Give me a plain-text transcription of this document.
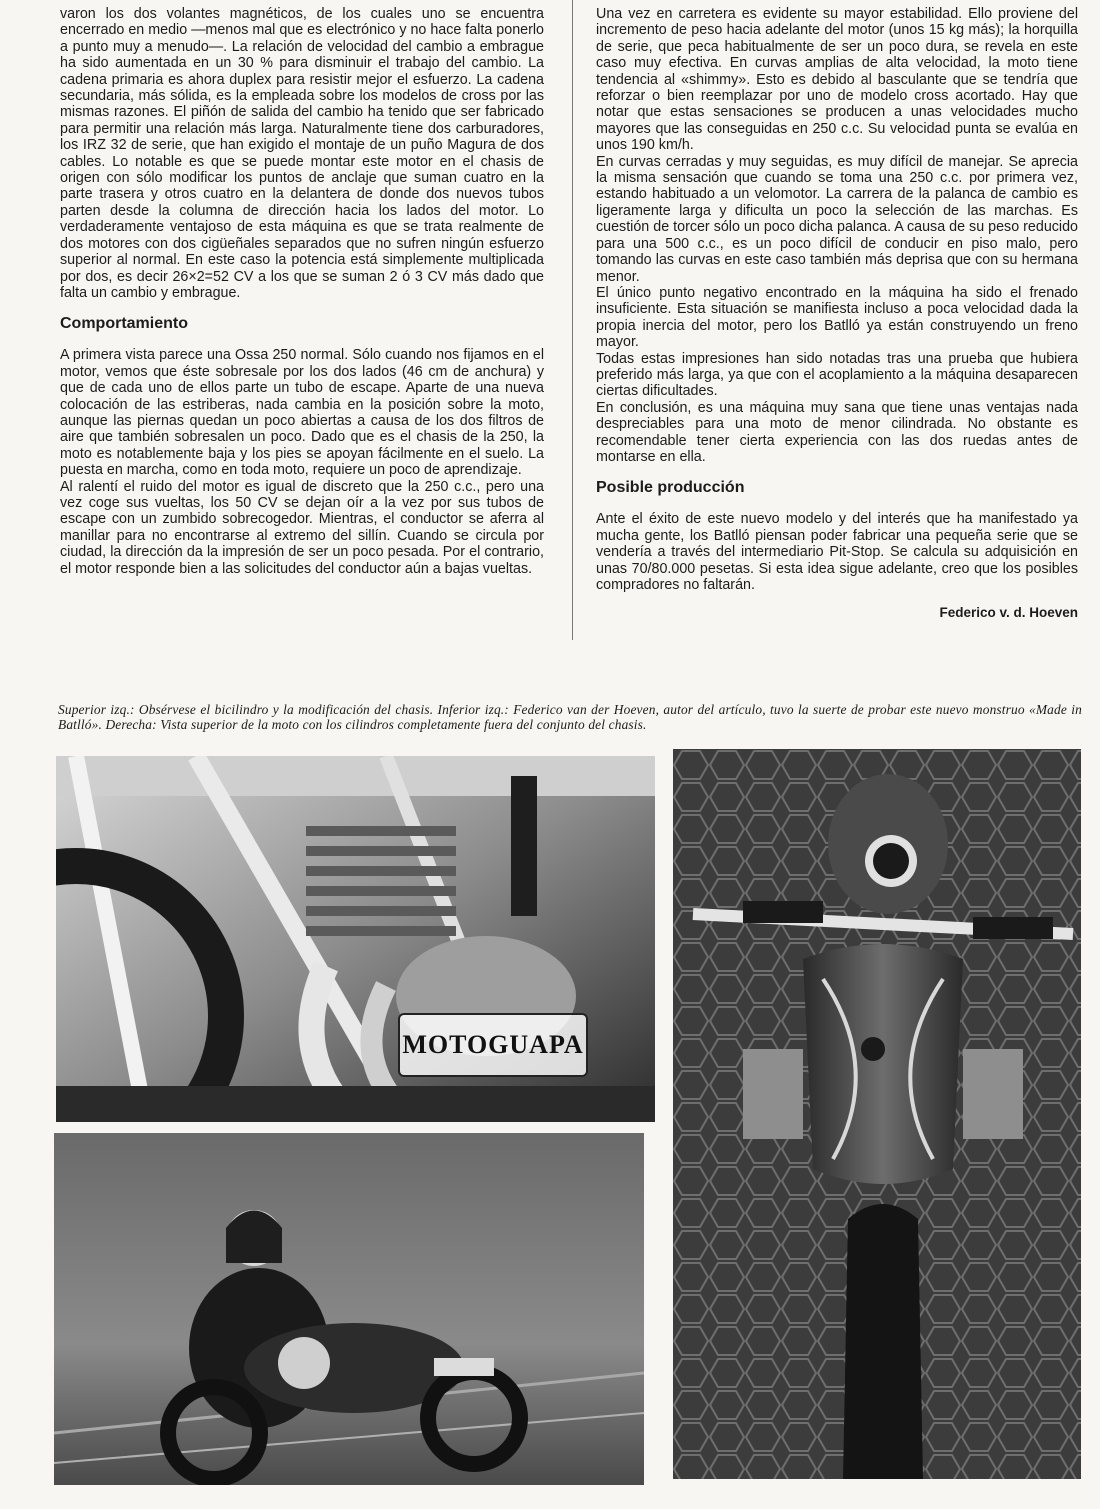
varon los dos volantes magnéticos, de los cuales uno se encuentra encerrado en medio —menos mal que es electrónico y no hace falta ponerlo a punto muy a menudo—. La relación de velocidad del cambio a embrague ha sido aumentada en un 30 % para disminuir el trabajo del cambio. La cadena primaria es ahora duplex para resistir mejor el esfuerzo. La cadena secundaria, más sólida, es la empleada sobre los modelos de cross por las mismas razones. El piñón de salida del cambio ha tenido que ser fabricado para permitir una relación más larga. Naturalmente tiene dos carburadores, los IRZ 32 de serie, que han exigido el montaje de un puño Magura de dos cables. Lo notable es que se puede montar este motor en el chasis de origen con sólo modificar los puntos de anclaje que suman cuatro en la parte trasera y otros cuatro en la delantera de donde dos nuevos tubos parten desde la columna de dirección hacia los lados del motor. Lo verdaderamente ventajoso de esta máquina es que se trata realmente de dos motores con dos cigüeñales separados que no sufren ningún esfuerzo superior al normal. En este caso la potencia está simplemente multiplicada por dos, es decir 26×2=52 CV a los que se suman 2 ó 3 CV más dado que falta un cambio y embrague.

Comportamiento

A primera vista parece una Ossa 250 normal. Sólo cuando nos fijamos en el motor, vemos que éste sobresale por los dos lados (46 cm de anchura) y que de cada uno de ellos parte un tubo de escape. Aparte de una nueva colocación de las estriberas, nada cambia en la posición sobre la moto, aunque las piernas quedan un poco abiertas a causa de los dos filtros de aire que también sobresalen un poco. Dado que es el chasis de la 250, la moto es notablemente baja y los pies se apoyan fácilmente en el suelo. La puesta en marcha, como en toda moto, requiere un poco de aprendizaje.

Al ralentí el ruido del motor es igual de discreto que la 250 c.c., pero una vez coge sus vueltas, los 50 CV se dejan oír a la vez por sus tubos de escape con un zumbido sobrecogedor. Mientras, el conductor se aferra al manillar para no encontrarse al extremo del sillín. Cuando se circula por ciudad, la dirección da la impresión de ser un poco pesada. Por el contrario, el motor responde bien a las solicitudes del conductor aún a bajas vueltas.

Una vez en carretera es evidente su mayor estabilidad. Ello proviene del incremento de peso hacia adelante del motor (unos 15 kg más); la horquilla de serie, que peca habitualmente de ser un poco dura, se revela en este caso muy efectiva. En curvas amplias de alta velocidad, la moto tiene tendencia al «shimmy». Esto es debido al basculante que se tendría que reforzar o bien reemplazar por uno de modelo cross acortado. Hay que notar que estas sensaciones se producen a unas velocidades mucho mayores que las conseguidas en 250 c.c. Su velocidad punta se evalúa en unos 190 km/h.

En curvas cerradas y muy seguidas, es muy difícil de manejar. Se aprecia la misma sensación que cuando se toma una 250 c.c. por primera vez, estando habituado a un velomotor. La carrera de la palanca de cambio es ligeramente larga y dificulta un poco la selección de las marchas. Es cuestión de torcer sólo un poco dicha palanca. A causa de su peso reducido para una 500 c.c., es un poco difícil de conducir en piso malo, pero tomando las curvas en este caso también más deprisa que con su hermana menor.

El único punto negativo encontrado en la máquina ha sido el frenado insuficiente. Esta situación se manifiesta incluso a poca velocidad dada la propia inercia del motor, pero los Batlló ya están construyendo un freno mayor.

Todas estas impresiones han sido notadas tras una prueba que hubiera preferido más larga, ya que con el acoplamiento a la máquina desaparecen ciertas dificultades.

En conclusión, es una máquina muy sana que tiene unas ventajas nada despreciables para una moto de menor cilindrada. No obstante es recomendable tener cierta experiencia con las dos ruedas antes de montarse en ella.

Posible producción

Ante el éxito de este nuevo modelo y del interés que ha manifestado ya mucha gente, los Batlló piensan poder fabricar una pequeña serie que se vendería a través del intermediario Pit-Stop. Se calcula su adquisición en unas 70/80.000 pesetas. Si esta idea sigue adelante, creo que los posibles compradores no faltarán.

Federico v. d. Hoeven

Superior izq.: Obsérvese el bicilindro y la modificación del chasis. Inferior izq.: Federico van der Hoeven, autor del artículo, tuvo la suerte de probar este nuevo monstruo «Made in Batlló». Derecha: Vista superior de la moto con los cilindros completamente fuera del conjunto del chasis.
MOTOGUAPA
